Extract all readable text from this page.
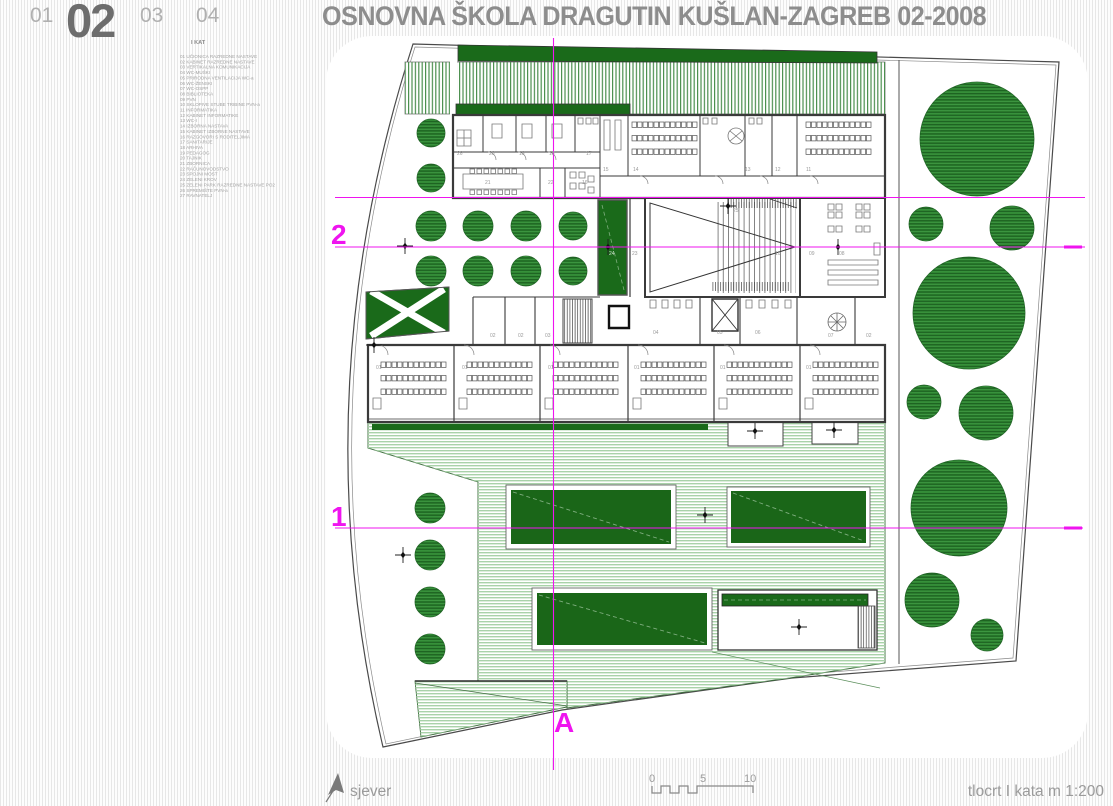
01 02 03 04	OSNOVNA ŠKOLA DRAGUTIN KUŠLAN-ZAGREB 02-2008
2
1
A
26	20	19	18	17
15	14	13	12	11
21	22	16
24	23	10	09	08
25
02	02	03	04	05	06	07	02
01	01	01	01	01	01
I KAT
01 UČIONICA RAZREDNE NASTAVE
02 KABINET RAZREDNE NASTAVE
03 VERTIKALNA KOMUNIKACIJA
04 WC-MUŠKI
05 PRIRODNA VENTILACIJA WC-a
06 WC-ŽENSKI
07 WC-OSPP
08 BIBLIOTEKA
09 PVN
10 SKLOPIVE STUBE TRIBINE PVN-a
11 INFORMATIKA
12 KABINET INFORMATIKE
13 WC-I
14 IZBORNA NASTAVA
15 KABINET IZBORNE NASTAVE
16 RAZGOVORI S RODITELJIMA
17 SANITARIJE
18 ARHIVA
19 PEDAGOG
20 TAJNIK
21 ZBORNICA
22 RAČUNOVODSTVO
23 SPOJNI MOST
24 ZELENI KROV
25 ZELENI PARK RAZREDNE NASTAVE PO2
26 SPREMIŠTE PVN-a
27 RAVNATELJ
sjever
0	5	10
tlocrt I kata m 1:200
